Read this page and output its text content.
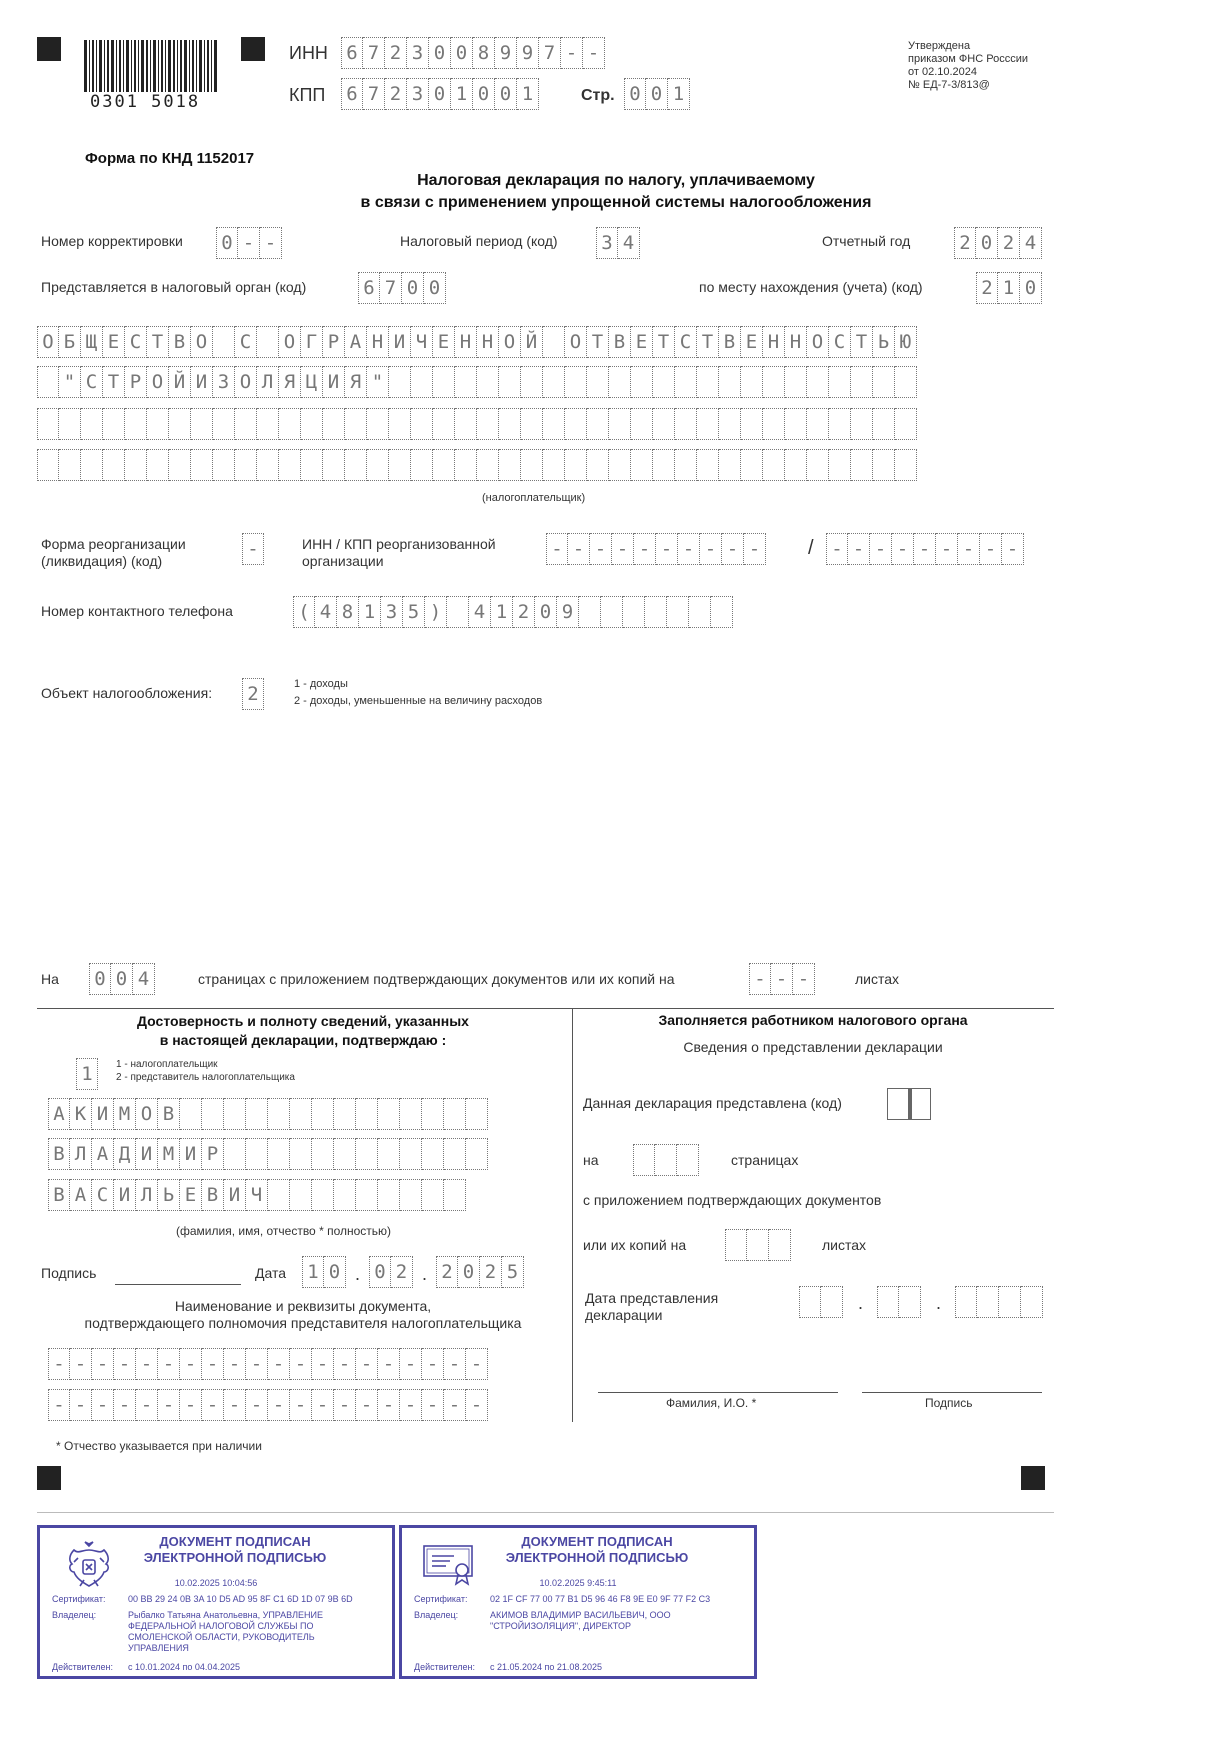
0301 5018
ИНН 6 7 2 3 0 0 8 9 9 7 - -
КПП 6 7 2 3 0 1 0 0 1	Стр. 0 0 1
Утверждена
приказом ФНС Росссии
от 02.10.2024
№ ЕД-7-3/813@
Форма по КНД 1152017
Налоговая декларация по налогу, уплачиваемому
в связи с применением упрощенной системы налогообложения
Номер корректировки 0 - -	Налоговый период (код) 3 4	Отчетный год	2 0 2 4
Представляется в налоговый орган (код)	6 7 0 0	по месту нахождения (учета) (код)	2 1 0
О Б Щ Е С Т В О	С	О Г Р А Н И Ч Е Н Н О Й	О Т В Е Т С Т В Е Н Н О С Т Ь Ю
" С Т Р О Й И З О Л Я Ц И Я "
(налогоплательщик)
Форма реорганизации
(ликвидация) (код)
-	ИНН / КПП реорганизованной
организации
- - - - - - - - - - / - - - - - - - - -
Номер контактного телефона	( 4 8 1 3 5 )	4 1 2 0 9
Объект налогообложения: 2	1 - доходы
2 - доходы, уменьшенные на величину расходов
На 0 0 4	страницах с приложением подтверждающих документов или их копий на	- - -	листах
Достоверность и полноту сведений, указанных
в настоящей декларации, подтверждаю :
1	1 - налогоплательщик
2 - представитель налогоплательщика
А К И М О В
В Л А Д И М И Р
В А С И Л Ь Е В И Ч
(фамилия, имя, отчество * полностью)
Подпись	Дата 1 0 . 0 2 . 2 0 2 5
Наименование и реквизиты документа,
подтверждающего полномочия представителя налогоплательщика
- - - - - - - - - - - - - - - - - - - -
- - - - - - - - - - - - - - - - - - - -
* Отчество указывается при наличии
Заполняется работником налогового органа
Сведения о представлении декларации
Данная декларация представлена (код)
на	страницах
с приложением подтверждающих документов
или их копий на	листах
Дата представления
декларации
.	.
Фамилия, И.О. *	Подпись
ДОКУМЕНТ ПОДПИСАН
ЭЛЕКТРОННОЙ ПОДПИСЬЮ
10.02.2025 10:04:56
Сертификат:	00 BB 29 24 0B 3A 10 D5 AD 95 8F C1 6D 1D 07 9B 6D
Владелец:	Рыбалко Татьяна Анатольевна, УПРАВЛЕНИЕ ФЕДЕРАЛЬНОЙ НАЛОГОВОЙ СЛУЖБЫ ПО СМОЛЕНСКОЙ ОБЛАСТИ, РУКОВОДИТЕЛЬ УПРАВЛЕНИЯ
Действителен:	с 10.01.2024 по 04.04.2025
ДОКУМЕНТ ПОДПИСАН
ЭЛЕКТРОННОЙ ПОДПИСЬЮ
10.02.2025 9:45:11
Сертификат:	02 1F CF 77 00 77 B1 D5 96 46 F8 9E E0 9F 77 F2 C3
Владелец:	АКИМОВ ВЛАДИМИР ВАСИЛЬЕВИЧ, ООО "СТРОЙИЗОЛЯЦИЯ", ДИРЕКТОР
Действителен:	с 21.05.2024 по 21.08.2025
